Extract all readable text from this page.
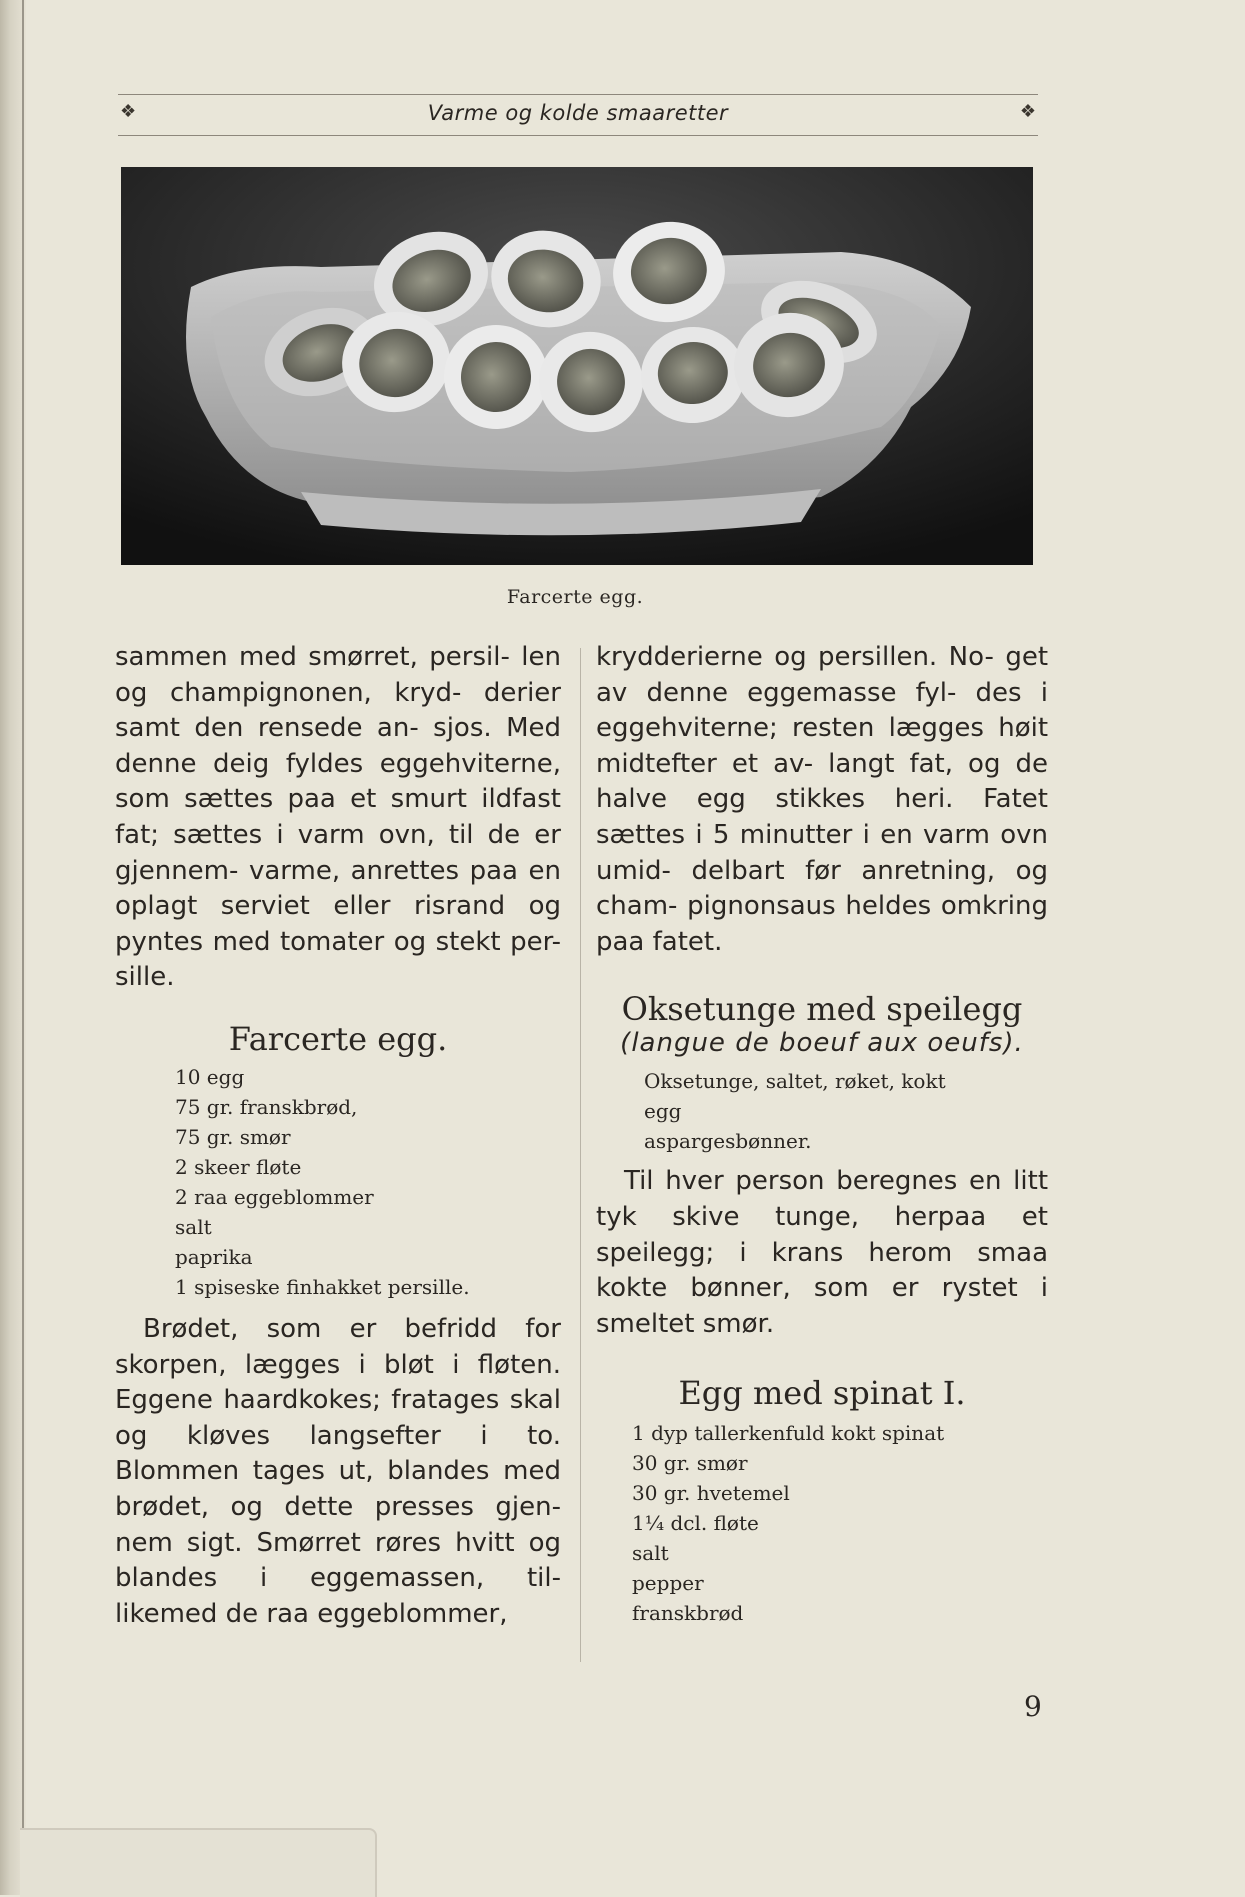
❖	Varme og kolde smaaretter	❖
Farcerte egg.

sammen med smørret, persil- len og champignonen, kryd- derier samt den rensede an- sjos. Med denne deig fyldes eggehviterne, som sættes paa et smurt ildfast fat; sættes i varm ovn, til de er gjennem- varme, anrettes paa en oplagt serviet eller risrand og pyntes med tomater og stekt per- sille.

Farcerte egg.
10 egg
75 gr. franskbrød,
75 gr. smør
2 skeer fløte
2 raa eggeblommer
salt
paprika
1 spiseske finhakket persille.

Brødet, som er befridd for skorpen, lægges i bløt i fløten. Eggene haardkokes; fratages skal og kløves langsefter i to. Blommen tages ut, blandes med brødet, og dette presses gjen- nem sigt. Smørret røres hvitt og blandes i eggemassen, til- likemed de raa eggeblommer,

krydderierne og persillen. No- get av denne eggemasse fyl- des i eggehviterne; resten lægges høit midtefter et av- langt fat, og de halve egg stikkes heri. Fatet sættes i 5 minutter i en varm ovn umid- delbart før anretning, og cham- pignonsaus heldes omkring paa fatet.

Oksetunge med speilegg

(langue de boeuf aux oeufs).

Oksetunge, saltet, røket, kokt
egg
aspargesbønner.

Til hver person beregnes en litt tyk skive tunge, herpaa et speilegg; i krans herom smaa kokte bønner, som er rystet i smeltet smør.

Egg med spinat I.
1 dyp tallerkenfuld kokt spinat
30 gr. smør
30 gr. hvetemel
1¼ dcl. fløte
salt
pepper
franskbrød
9
